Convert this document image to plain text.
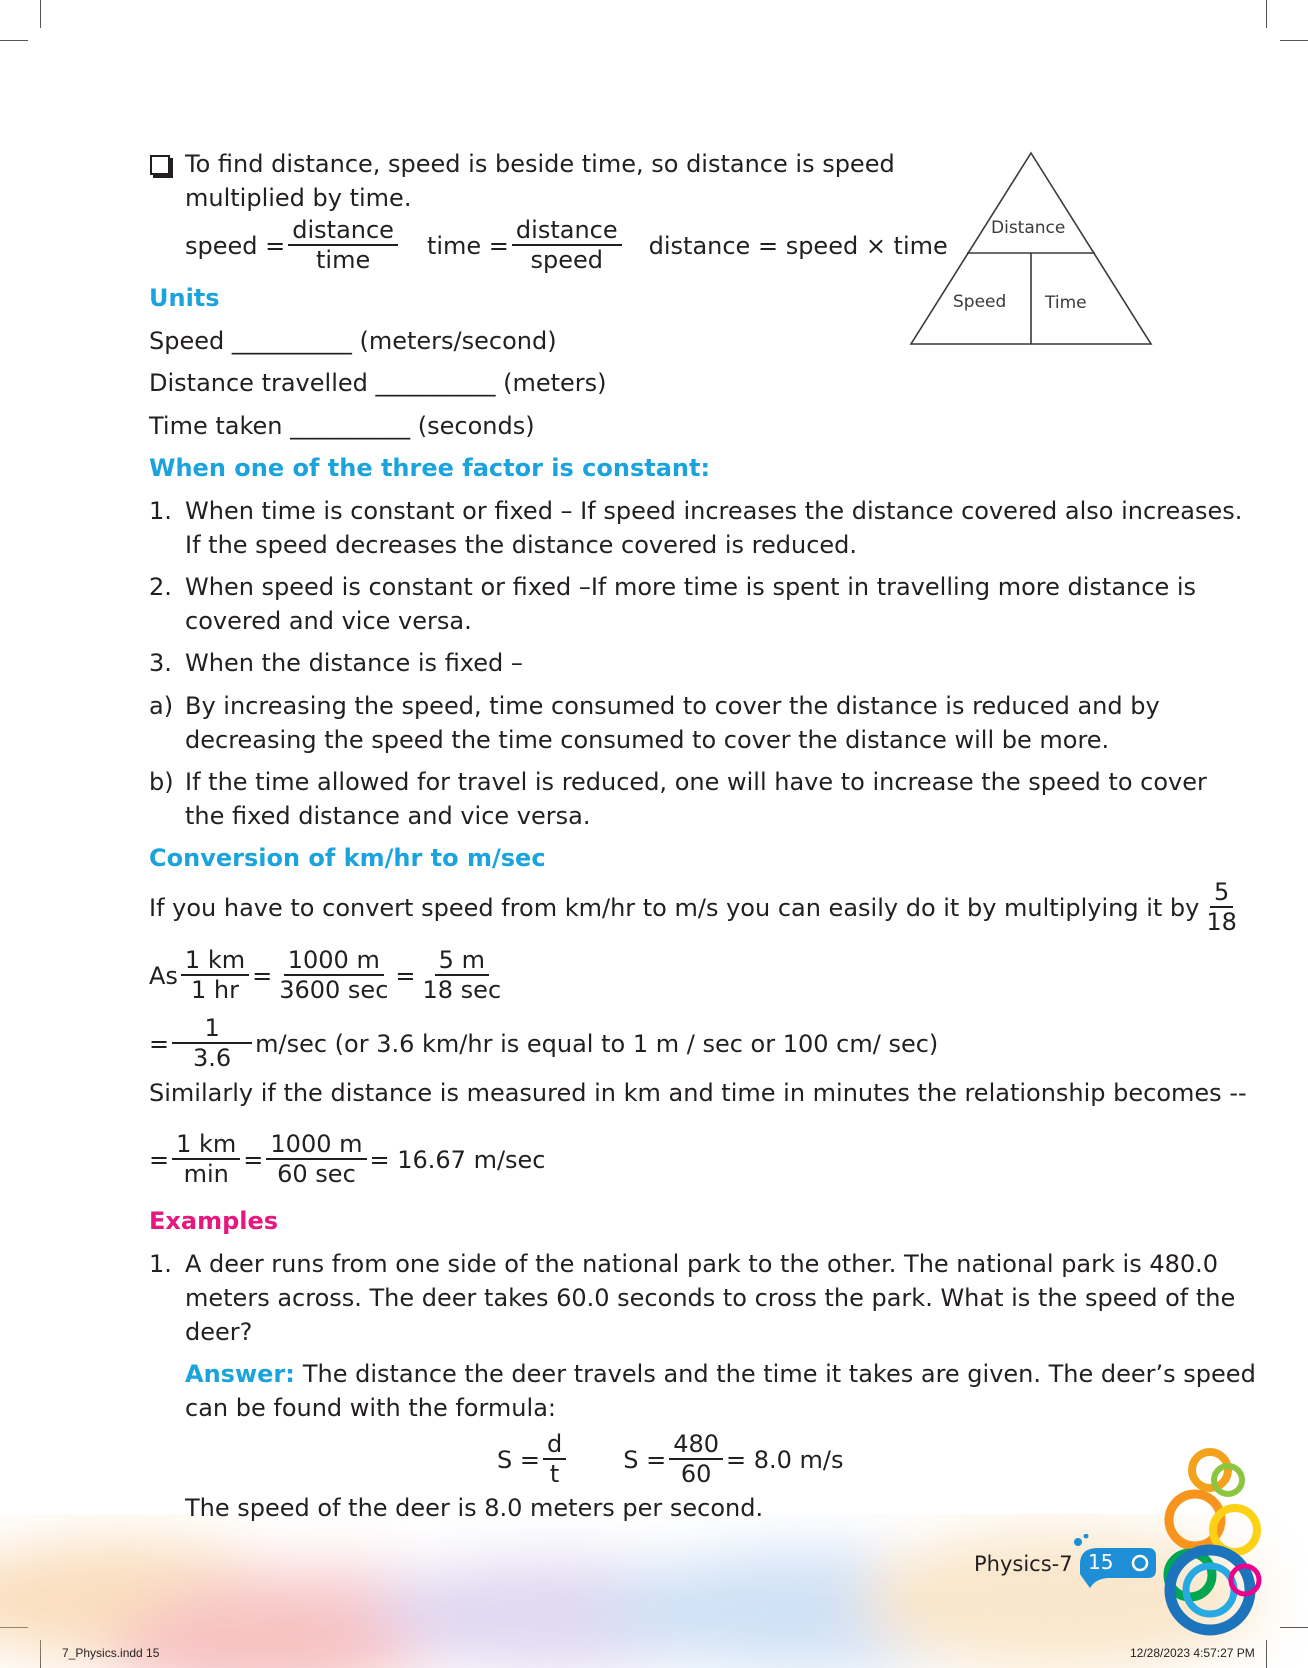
Distance
Speed Time
To find distance, speed is beside time, so distance is speed
multiplied by time.
speed = $\frac{\text{distance}}{\text{time}}$ time = $\frac{\text{distance}}{\text{speed}}$ distance = speed × time
Units
Speed __________ (meters/second)
Distance travelled __________ (meters)
Time taken __________ (seconds)
When one of the three factor is constant:
1. When time is constant or fixed – If speed increases the distance covered also increases.
If the speed decreases the distance covered is reduced.
2. When speed is constant or fixed –If more time is spent in travelling more distance is
covered and vice versa.
3. When the distance is fixed –
a) By increasing the speed, time consumed to cover the distance is reduced and by
decreasing the speed the time consumed to cover the distance will be more.
b) If the time allowed for travel is reduced, one will have to increase the speed to cover
the fixed distance and vice versa.
Conversion of km/hr to m/sec
If you have to convert speed from km/hr to m/s you can easily do it by multiplying it by $\frac{5}{18}$
As $\frac{1 km}{1 hr} = \frac{1000 m}{3600 \sec} = \frac{5 m}{18 \sec}$
= $\frac{1}{3.6} m/\sec$ (or 3.6 km/hr is equal to 1 m / sec or 100 cm/ sec)
Similarly if the distance is measured in km and time in minutes the relationship becomes --
= $\frac{1 km}{\min} = \frac{1000 m}{60 \sec} = 16.67$ m/sec
Examples
1. A deer runs from one side of the national park to the other. The national park is 480.0
meters across. The deer takes 60.0 seconds to cross the park. What is the speed of the
deer?
Answer: The distance the deer travels and the time it takes are given. The deer’s speed
can be found with the formula:
$S = \frac{d}{t}$ $S = \frac{480}{60} = 8.0$ m/s
The speed of the deer is 8.0 meters per second.
Physics-7 15
7_Physics.indd 15	12/28/2023 4:57:27 PM
